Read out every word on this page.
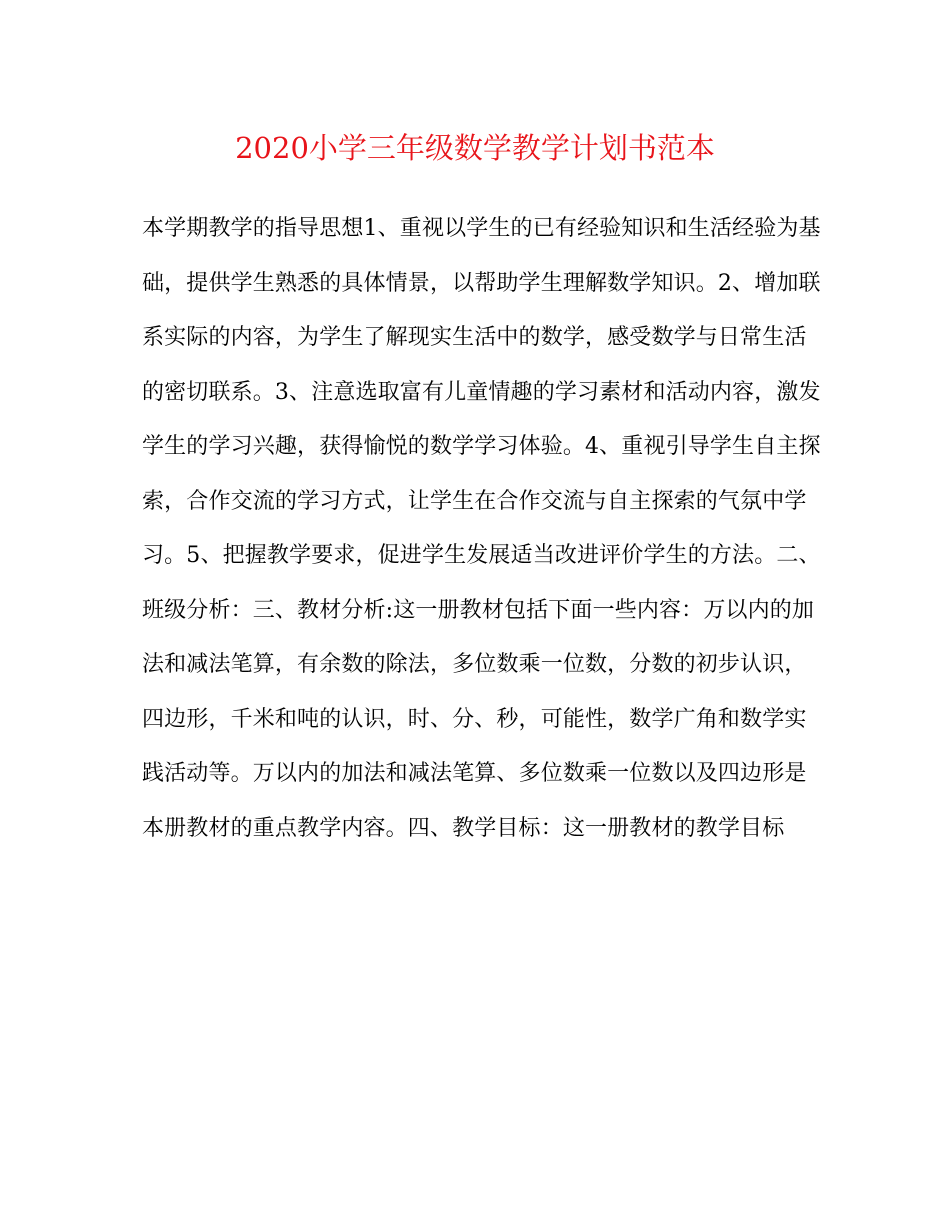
2020小学三年级数学教学计划书范本
本学期教学的指导思想1、重视以学生的已有经验知识和生活经验为基
础，提供学生熟悉的具体情景，以帮助学生理解数学知识。2、增加联
系实际的内容，为学生了解现实生活中的数学，感受数学与日常生活
的密切联系。3、注意选取富有儿童情趣的学习素材和活动内容，激发
学生的学习兴趣，获得愉悦的数学学习体验。4、重视引导学生自主探
索，合作交流的学习方式，让学生在合作交流与自主探索的气氛中学
习。5、把握教学要求，促进学生发展适当改进评价学生的方法。二、
班级分析：三、教材分析:这一册教材包括下面一些内容：万以内的加
法和减法笔算，有余数的除法，多位数乘一位数，分数的初步认识，
四边形，千米和吨的认识，时、分、秒，可能性，数学广角和数学实
践活动等。万以内的加法和减法笔算、多位数乘一位数以及四边形是
本册教材的重点教学内容。四、教学目标：这一册教材的教学目标
